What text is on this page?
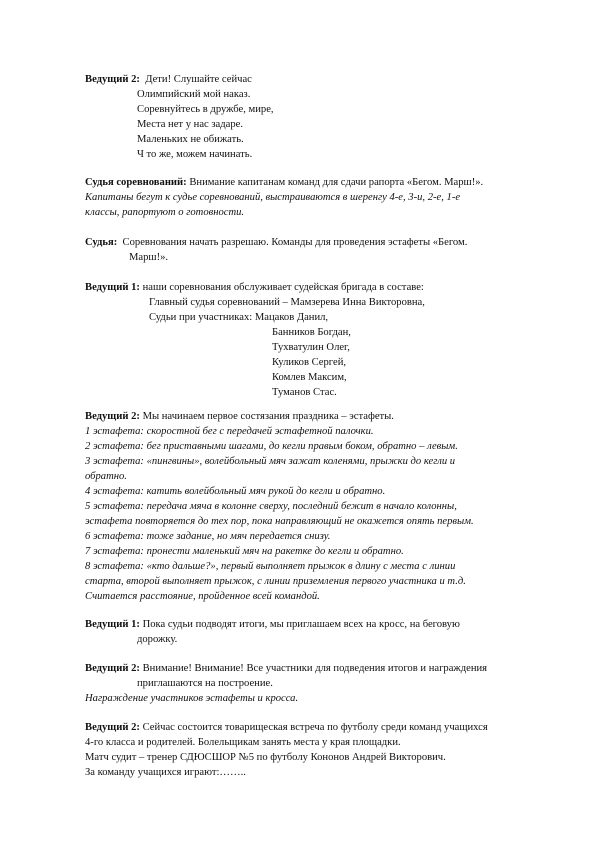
Ведущий 2: Дети! Слушайте сейчас
Олимпийский мой наказ.
Соревнуйтесь в дружбе, мире,
Места нет у нас задаре.
Маленьких не обижать.
Ч то же, можем начинать.
Судья соревнований: Внимание капитанам команд для сдачи рапорта «Бегом. Марш!».
Капитаны бегут к судье соревнований, выстраиваются в шеренгу 4-е, 3-и, 2-е, 1-е
классы, рапортуют о готовности.
Судья: Соревнования начать разрешаю. Команды для проведения эстафеты «Бегом.
Марш!».
Ведущий 1: наши соревнования обслуживает судейская бригада в составе:
Главный судья соревнований – Мамзерева Инна Викторовна,
Судьи при участниках: Мацаков Данил,
Банников Богдан,
Тухватулин Олег,
Куликов Сергей,
Комлев Максим,
Туманов Стас.
Ведущий 2: Мы начинаем первое состязания праздника – эстафеты.
1 эстафета: скоростной бег с передачей эстафетной палочки.
2 эстафета: бег приставными шагами, до кегли правым боком, обратно – левым.
3 эстафета: «пингвины», волейбольный мяч зажат коленями, прыжки до кегли и
обратно.
4 эстафета: катить волейбольный мяч рукой до кегли и обратно.
5 эстафета: передача мяча в колонне сверху, последний бежит в начало колонны,
эстафета повторяется до тех пор, пока направляющий не окажется опять первым.
6 эстафета: тоже задание, но мяч передается снизу.
7 эстафета: пронести маленький мяч на ракетке до кегли и обратно.
8 эстафета: «кто дальше?», первый выполняет прыжок в длину с места с линии
старта, второй выполняет прыжок, с линии приземления первого участника и т.д.
Считается расстояние, пройденное всей командой.
Ведущий 1: Пока судьи подводят итоги, мы приглашаем всех на кросс, на беговую
дорожку.
Ведущий 2: Внимание! Внимание! Все участники для подведения итогов и награждения
приглашаются на построение.
Награждение участников эстафеты и кросса.
Ведущий 2: Сейчас состоится товарищеская встреча по футболу среди команд учащихся
4-го класса и родителей. Болельщикам занять места у края площадки.
Матч судит – тренер СДЮСШОР №5 по футболу Кононов Андрей Викторович.
За команду учащихся играют:……..
